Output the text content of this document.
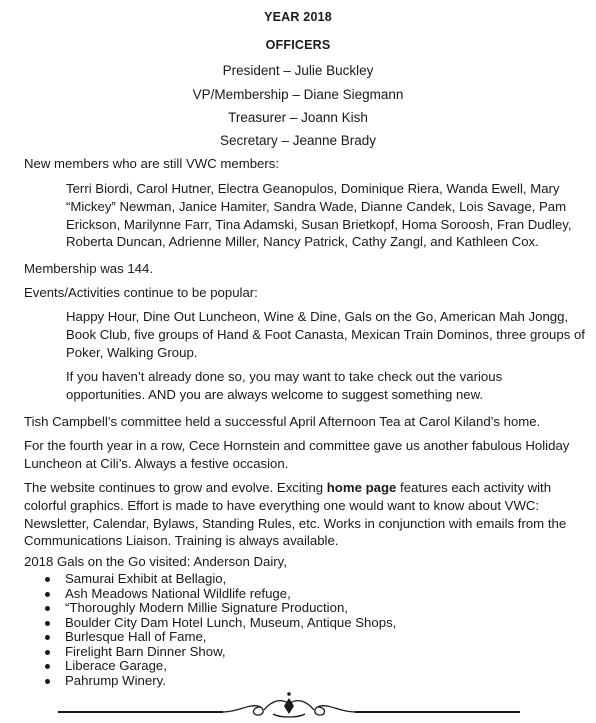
YEAR 2018
OFFICERS
President – Julie Buckley
VP/Membership – Diane Siegmann
Treasurer – Joann Kish
Secretary – Jeanne Brady

New members who are still VWC members:

Terri Biordi, Carol Hutner, Electra Geanopulos, Dominique Riera, Wanda Ewell, Mary

“Mickey” Newman, Janice Hamiter, Sandra Wade, Dianne Candek, Lois Savage, Pam

Erickson, Marilynne Farr, Tina Adamski, Susan Brietkopf, Homa Soroosh, Fran Dudley,

Roberta Duncan, Adrienne Miller, Nancy Patrick, Cathy Zangl, and Kathleen Cox.

Membership was 144.

Events/Activities continue to be popular:

Happy Hour, Dine Out Luncheon, Wine & Dine, Gals on the Go, American Mah Jongg,

Book Club, five groups of Hand & Foot Canasta, Mexican Train Dominos, three groups of

Poker, Walking Group.

If you haven’t already done so, you may want to take check out the various

opportunities. AND you are always welcome to suggest something new.

Tish Campbell’s committee held a successful April Afternoon Tea at Carol Kiland’s home.

For the fourth year in a row, Cece Hornstein and committee gave us another fabulous Holiday

Luncheon at Cili’s. Always a festive occasion.

The website continues to grow and evolve. Exciting home page features each activity with

colorful graphics. Effort is made to have everything one would want to know about VWC:

Newsletter, Calendar, Bylaws, Standing Rules, etc. Works in conjunction with emails from the

Communications Liaison. Training is always available.

2018 Gals on the Go visited: Anderson Dairy,

Samurai Exhibit at Bellagio,
Ash Meadows National Wildlife refuge,
“Thoroughly Modern Millie Signature Production,
Boulder City Dam Hotel Lunch, Museum, Antique Shops,
Burlesque Hall of Fame,
Firelight Barn Dinner Show,
Liberace Garage,
Pahrump Winery.
